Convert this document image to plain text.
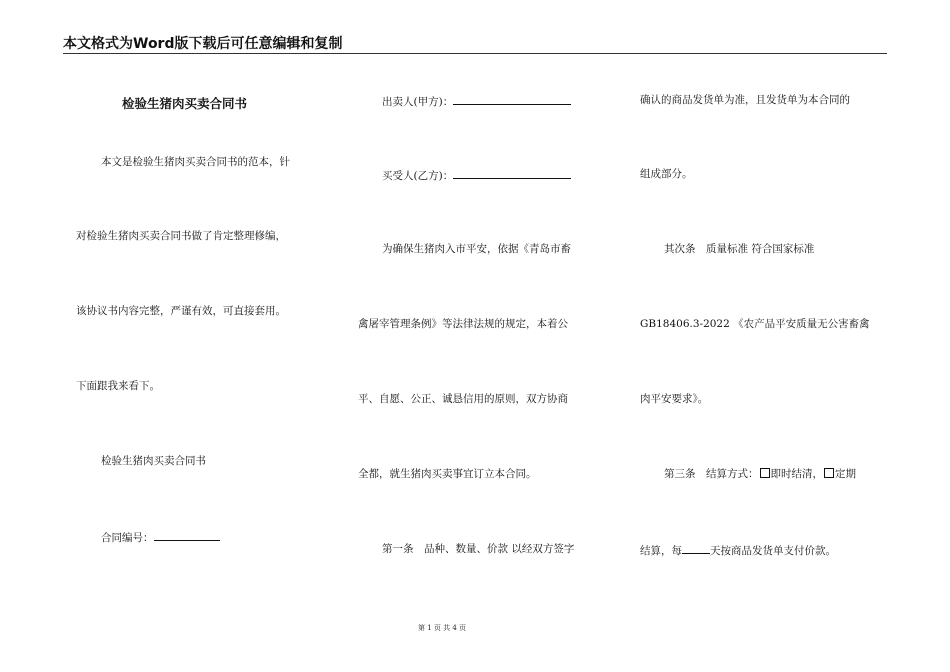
本文格式为Word版下载后可任意编辑和复制
检验生猪肉买卖合同书
本文是检验生猪肉买卖合同书的范本，针
对检验生猪肉买卖合同书做了肯定整理修编，
该协议书内容完整，严谨有效，可直接套用。
下面跟我来看下。
检验生猪肉买卖合同书
合同编号：
出卖人(甲方)：
买受人(乙方)：
为确保生猪肉入市平安，依据《青岛市畜
禽屠宰管理条例》等法律法规的规定，本着公
平、自愿、公正、诚恳信用的原则，双方协商
全都，就生猪肉买卖事宜订立本合同。
第一条　品种、数量、价款 以经双方签字
确认的商品发货单为准，且发货单为本合同的
组成部分。
其次条　质量标准 符合国家标准
GB18406.3-2022 《农产品平安质量无公害畜禽
肉平安要求》。
第三条　结算方式： 即时结清， 定期
结算，每	天按商品发货单支付价款。
第 1 页 共 4 页
